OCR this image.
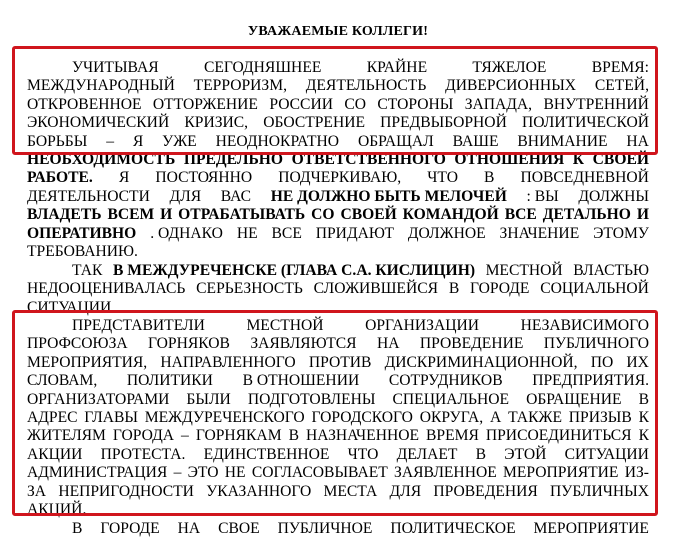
УВАЖАЕМЫЕ КОЛЛЕГИ!
УЧИТЫВАЯ	СЕГОДНЯШНЕЕ	КРАЙНЕ	ТЯЖЕЛОЕ	ВРЕМЯ:
МЕЖДУНАРОДНЫЙ ТЕРРОРИЗМ, ДЕЯТЕЛЬНОСТЬ ДИВЕРСИОННЫХ СЕТЕЙ,
ОТКРОВЕННОЕ ОТТОРЖЕНИЕ РОССИИ СО СТОРОНЫ ЗАПАДА, ВНУТРЕННИЙ
ЭКОНОМИЧЕСКИЙ КРИЗИС, ОБОСТРЕНИЕ ПРЕДВЫБОРНОЙ ПОЛИТИЧЕСКОЙ
БОРЬБЫ – Я УЖЕ НЕОДНОКРАТНО ОБРАЩАЛ ВАШЕ ВНИМАНИЕ НА
НЕОБХОДИМОСТЬ ПРЕДЕЛЬНО ОТВЕТСТВЕННОГО ОТНОШЕНИЯ К СВОЕЙ
РАБОТЕ. Я ПОСТОЯННО ПОДЧЕРКИВАЮ, ЧТО В ПОВСЕДНЕВНОЙ
ДЕЯТЕЛЬНОСТИ ДЛЯ ВАС НЕ ДОЛЖНО БЫТЬ МЕЛОЧЕЙ : ВЫ ДОЛЖНЫ
ВЛАДЕТЬ ВСЕМ И ОТРАБАТЫВАТЬ СО СВОЕЙ КОМАНДОЙ ВСЕ ДЕТАЛЬНО И
ОПЕРАТИВНО . ОДНАКО НЕ ВСЕ ПРИДАЮТ ДОЛЖНОЕ ЗНАЧЕНИЕ ЭТОМУ
ТРЕБОВАНИЮ.
ТАК В МЕЖДУРЕЧЕНСКЕ (ГЛАВА С.А. КИСЛИЦИН) МЕСТНОЙ ВЛАСТЬЮ
НЕДООЦЕНИВАЛАСЬ СЕРЬЕЗНОСТЬ СЛОЖИВШЕЙСЯ В ГОРОДЕ СОЦИАЛЬНОЙ
СИТУАЦИИ.
ПРЕДСТАВИТЕЛИ	МЕСТНОЙ	ОРГАНИЗАЦИИ	НЕЗАВИСИМОГО
ПРОФСОЮЗА ГОРНЯКОВ ЗАЯВЛЯЮТСЯ НА ПРОВЕДЕНИЕ ПУБЛИЧНОГО
МЕРОПРИЯТИЯ, НАПРАВЛЕННОГО ПРОТИВ ДИСКРИМИНАЦИОННОЙ, ПО ИХ
СЛОВАМ, ПОЛИТИКИ В ОТНОШЕНИИ СОТРУДНИКОВ ПРЕДПРИЯТИЯ.
ОРГАНИЗАТОРАМИ БЫЛИ ПОДГОТОВЛЕНЫ СПЕЦИАЛЬНОЕ ОБРАЩЕНИЕ В
АДРЕС ГЛАВЫ МЕЖДУРЕЧЕНСКОГО ГОРОДСКОГО ОКРУГА, А ТАКЖЕ ПРИЗЫВ К
ЖИТЕЛЯМ ГОРОДА – ГОРНЯКАМ В НАЗНАЧЕННОЕ ВРЕМЯ ПРИСОЕДИНИТЬСЯ К
АКЦИИ ПРОТЕСТА. ЕДИНСТВЕННОЕ ЧТО ДЕЛАЕТ В ЭТОЙ СИТУАЦИИ
АДМИНИСТРАЦИЯ – ЭТО НЕ СОГЛАСОВЫВАЕТ ЗАЯВЛЕННОЕ МЕРОПРИЯТИЕ ИЗ-
ЗА НЕПРИГОДНОСТИ УКАЗАННОГО МЕСТА ДЛЯ ПРОВЕДЕНИЯ ПУБЛИЧНЫХ
АКЦИЙ.
В ГОРОДЕ НА СВОЕ ПУБЛИЧНОЕ ПОЛИТИЧЕСКОЕ МЕРОПРИЯТИЕ
